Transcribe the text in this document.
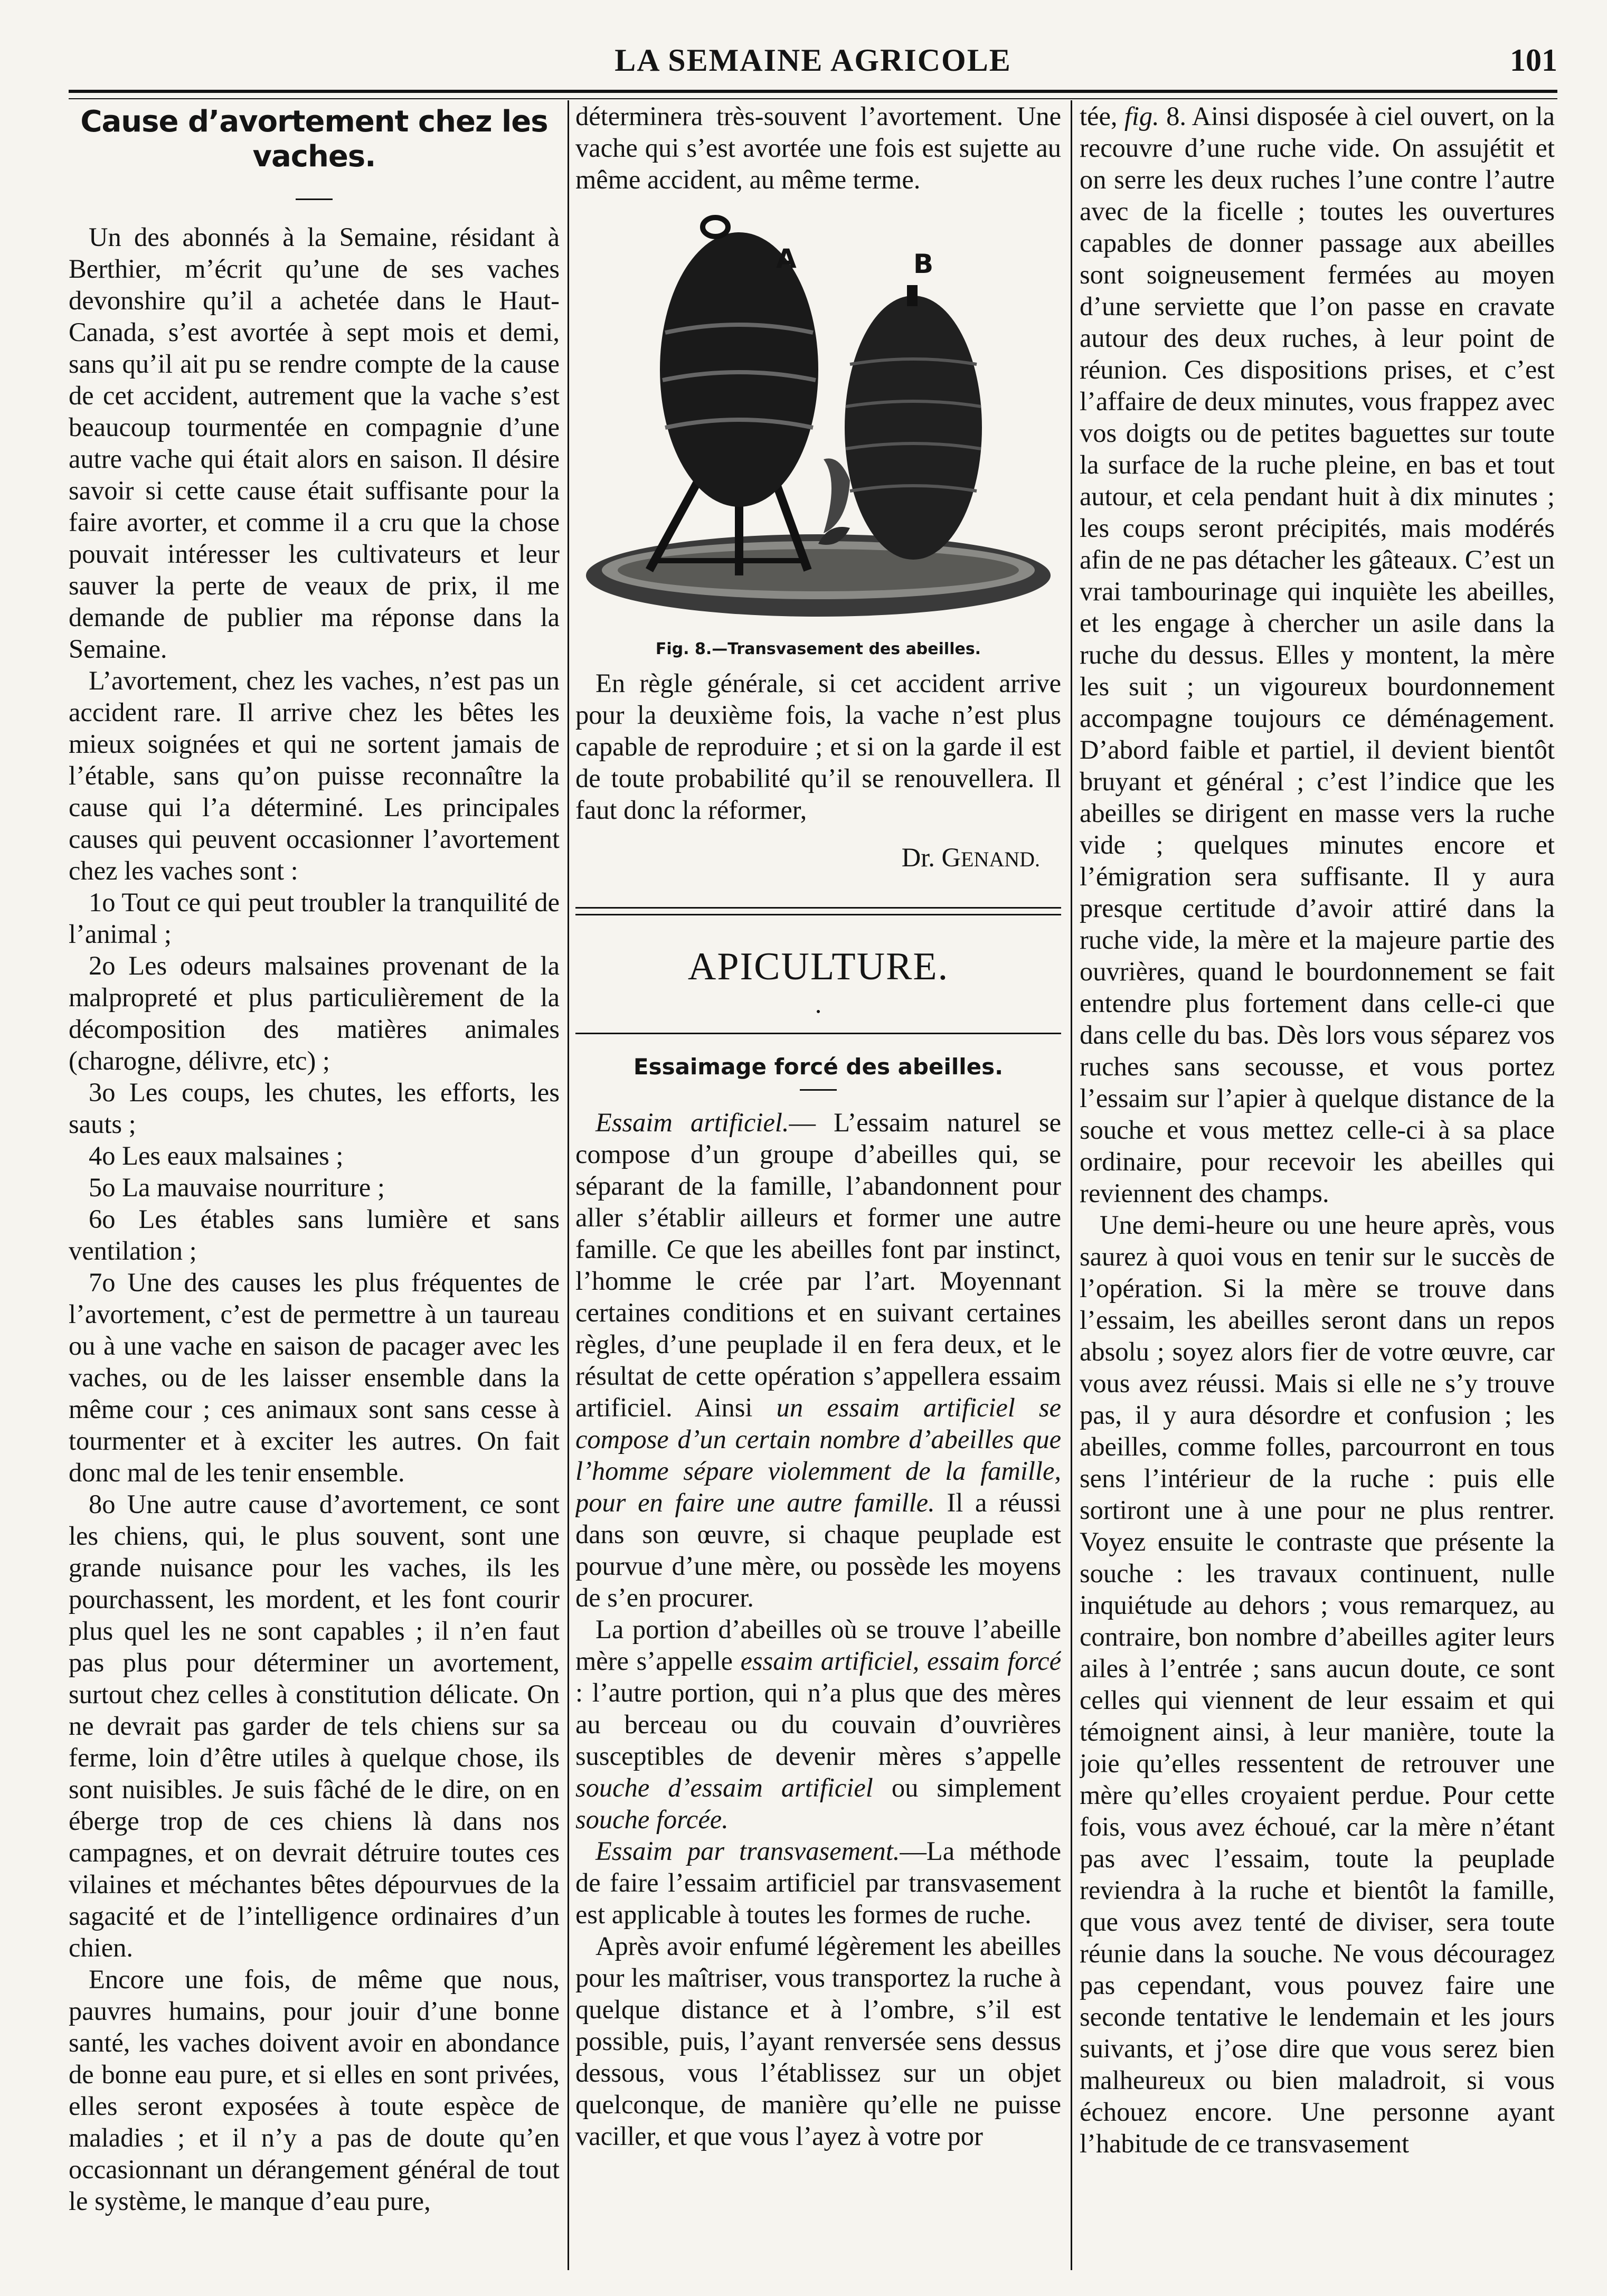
LA SEMAINE AGRICOLE	101
Cause d’avortement chez les vaches.

Un des abonnés à la Semaine, résidant à Berthier, m’écrit qu’une de ses vaches devonshire qu’il a achetée dans le Haut-Canada, s’est avortée à sept mois et demi, sans qu’il ait pu se rendre compte de la cause de cet accident, autrement que la vache s’est beaucoup tourmentée en compagnie d’une autre vache qui était alors en saison. Il désire savoir si cette cause était suffisante pour la faire avorter, et comme il a cru que la chose pouvait intéresser les cultivateurs et leur sauver la perte de veaux de prix, il me demande de publier ma réponse dans la Semaine.

L’avortement, chez les vaches, n’est pas un accident rare. Il arrive chez les bêtes les mieux soignées et qui ne sortent jamais de l’étable, sans qu’on puisse reconnaître la cause qui l’a déterminé. Les principales causes qui peuvent occasionner l’avortement chez les vaches sont :

1o Tout ce qui peut troubler la tranquilité de l’animal ;

2o Les odeurs malsaines provenant de la malpropreté et plus particulièrement de la décomposition des matières animales (charogne, délivre, etc) ;

3o Les coups, les chutes, les efforts, les sauts ;

4o Les eaux malsaines ;

5o La mauvaise nourriture ;

6o Les étables sans lumière et sans ventilation ;

7o Une des causes les plus fréquentes de l’avortement, c’est de permettre à un taureau ou à une vache en saison de pacager avec les vaches, ou de les laisser ensemble dans la même cour ; ces animaux sont sans cesse à tourmenter et à exciter les autres. On fait donc mal de les tenir ensemble.

8o Une autre cause d’avortement, ce sont les chiens, qui, le plus souvent, sont une grande nuisance pour les vaches, ils les pourchassent, les mordent, et les font courir plus quel les ne sont capables ; il n’en faut pas plus pour déterminer un avortement, surtout chez celles à constitution délicate. On ne devrait pas garder de tels chiens sur sa ferme, loin d’être utiles à quelque chose, ils sont nuisibles. Je suis fâché de le dire, on en éberge trop de ces chiens là dans nos campagnes, et on devrait détruire toutes ces vilaines et méchantes bêtes dépourvues de la sagacité et de l’intelligence ordinaires d’un chien.

Encore une fois, de même que nous, pauvres humains, pour jouir d’une bonne santé, les vaches doivent avoir en abondance de bonne eau pure, et si elles en sont privées, elles seront exposées à toute espèce de maladies ; et il n’y a pas de doute qu’en occasionnant un dérangement général de tout le système, le manque d’eau pure,

déterminera très-souvent l’avortement. Une vache qui s’est avortée une fois est sujette au même accident, au même terme.

A	B
Fig. 8.—Transvasement des abeilles.

En règle générale, si cet accident arrive pour la deuxième fois, la vache n’est plus capable de reproduire ; et si on la garde il est de toute probabilité qu’il se renouvellera. Il faut donc la réformer,

Dr. GENAND.

APICULTURE.
·
Essaimage forcé des abeilles.

Essaim artificiel.— L’essaim naturel se compose d’un groupe d’abeilles qui, se séparant de la famille, l’abandonnent pour aller s’établir ailleurs et former une autre famille. Ce que les abeilles font par instinct, l’homme le crée par l’art. Moyennant certaines conditions et en suivant certaines règles, d’une peuplade il en fera deux, et le résultat de cette opération s’appellera essaim artificiel. Ainsi un essaim artificiel se compose d’un certain nombre d’abeilles que l’homme sépare violemment de la famille, pour en faire une autre famille. Il a réussi dans son œuvre, si chaque peuplade est pourvue d’une mère, ou possède les moyens de s’en procurer.

La portion d’abeilles où se trouve l’abeille mère s’appelle essaim artificiel, essaim forcé : l’autre portion, qui n’a plus que des mères au berceau ou du couvain d’ouvrières susceptibles de devenir mères s’appelle souche d’essaim artificiel ou simplement souche forcée.

Essaim par transvasement.—La méthode de faire l’essaim artificiel par transvasement est applicable à toutes les formes de ruche.

Après avoir enfumé légèrement les abeilles pour les maîtriser, vous transportez la ruche à quelque distance et à l’ombre, s’il est possible, puis, l’ayant renversée sens dessus dessous, vous l’établissez sur un objet quelconque, de manière qu’elle ne puisse vaciller, et que vous l’ayez à votre por

tée, fig. 8. Ainsi disposée à ciel ouvert, on la recouvre d’une ruche vide. On assujétit et on serre les deux ruches l’une contre l’autre avec de la ficelle ; toutes les ouvertures capables de donner passage aux abeilles sont soigneusement fermées au moyen d’une serviette que l’on passe en cravate autour des deux ruches, à leur point de réunion. Ces dispositions prises, et c’est l’affaire de deux minutes, vous frappez avec vos doigts ou de petites baguettes sur toute la surface de la ruche pleine, en bas et tout autour, et cela pendant huit à dix minutes ; les coups seront précipités, mais modérés afin de ne pas détacher les gâteaux. C’est un vrai tambourinage qui inquiète les abeilles, et les engage à chercher un asile dans la ruche du dessus. Elles y montent, la mère les suit ; un vigoureux bourdonnement accompagne toujours ce déménagement. D’abord faible et partiel, il devient bientôt bruyant et général ; c’est l’indice que les abeilles se dirigent en masse vers la ruche vide ; quelques minutes encore et l’émigration sera suffisante. Il y aura presque certitude d’avoir attiré dans la ruche vide, la mère et la majeure partie des ouvrières, quand le bourdonnement se fait entendre plus fortement dans celle-ci que dans celle du bas. Dès lors vous séparez vos ruches sans secousse, et vous portez l’essaim sur l’apier à quelque distance de la souche et vous mettez celle-ci à sa place ordinaire, pour recevoir les abeilles qui reviennent des champs.

Une demi-heure ou une heure après, vous saurez à quoi vous en tenir sur le succès de l’opération. Si la mère se trouve dans l’essaim, les abeilles seront dans un repos absolu ; soyez alors fier de votre œuvre, car vous avez réussi. Mais si elle ne s’y trouve pas, il y aura désordre et confusion ; les abeilles, comme folles, parcourront en tous sens l’intérieur de la ruche : puis elle sortiront une à une pour ne plus rentrer. Voyez ensuite le contraste que présente la souche : les travaux continuent, nulle inquiétude au dehors ; vous remarquez, au contraire, bon nombre d’abeilles agiter leurs ailes à l’entrée ; sans aucun doute, ce sont celles qui viennent de leur essaim et qui témoignent ainsi, à leur manière, toute la joie qu’elles ressentent de retrouver une mère qu’elles croyaient perdue. Pour cette fois, vous avez échoué, car la mère n’étant pas avec l’essaim, toute la peuplade reviendra à la ruche et bientôt la famille, que vous avez tenté de diviser, sera toute réunie dans la souche. Ne vous découragez pas cependant, vous pouvez faire une seconde tentative le lendemain et les jours suivants, et j’ose dire que vous serez bien malheureux ou bien maladroit, si vous échouez encore. Une personne ayant l’habitude de ce transvasement
